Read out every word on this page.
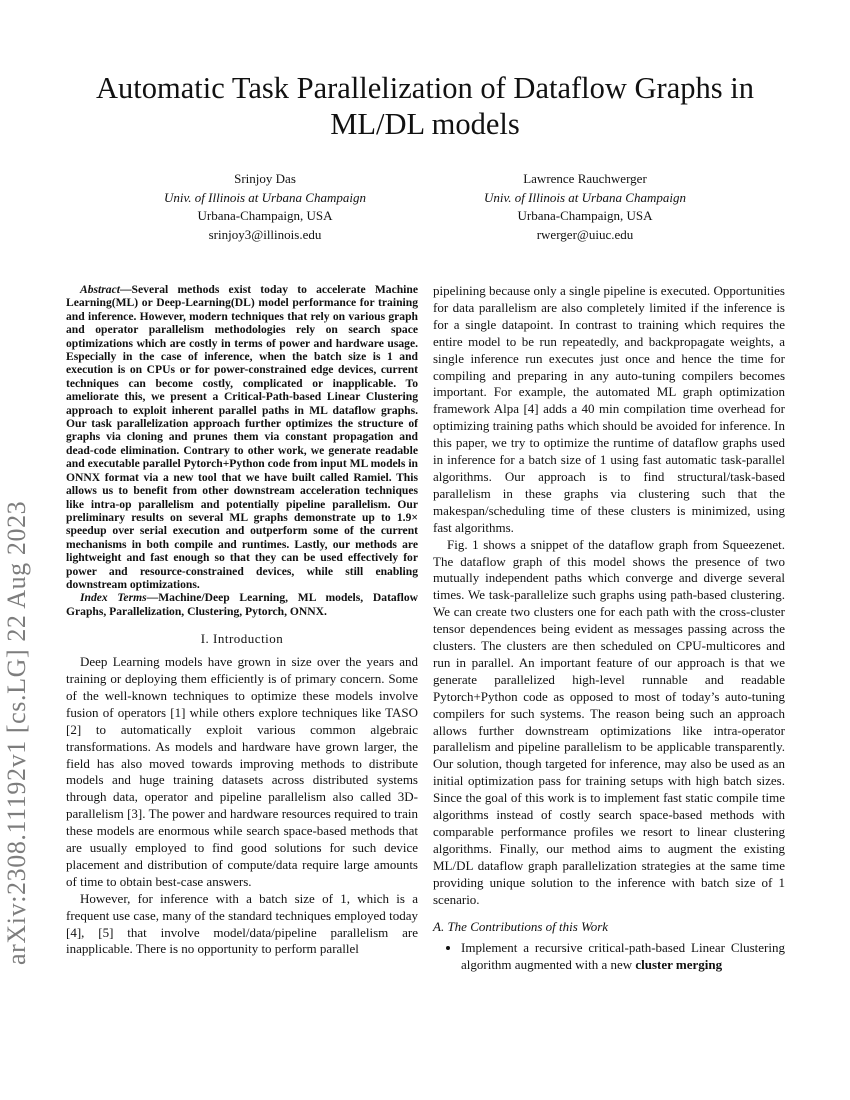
Automatic Task Parallelization of Dataflow Graphs in ML/DL models
Srinjoy Das
Univ. of Illinois at Urbana Champaign
Urbana-Champaign, USA
srinjoy3@illinois.edu
Lawrence Rauchwerger
Univ. of Illinois at Urbana Champaign
Urbana-Champaign, USA
rwerger@uiuc.edu
arXiv:2308.11192v1 [cs.LG] 22 Aug 2023

Abstract—Several methods exist today to accelerate Machine Learning(ML) or Deep-Learning(DL) model performance for training and inference. However, modern techniques that rely on various graph and operator parallelism methodologies rely on search space optimizations which are costly in terms of power and hardware usage. Especially in the case of inference, when the batch size is 1 and execution is on CPUs or for power-constrained edge devices, current techniques can become costly, complicated or inapplicable. To ameliorate this, we present a Critical-Path-based Linear Clustering approach to exploit inherent parallel paths in ML dataflow graphs. Our task parallelization approach further optimizes the structure of graphs via cloning and prunes them via constant propagation and dead-code elimination. Contrary to other work, we generate readable and executable parallel Pytorch+Python code from input ML models in ONNX format via a new tool that we have built called Ramiel. This allows us to benefit from other downstream acceleration techniques like intra-op parallelism and potentially pipeline parallelism. Our preliminary results on several ML graphs demonstrate up to 1.9× speedup over serial execution and outperform some of the current mechanisms in both compile and runtimes. Lastly, our methods are lightweight and fast enough so that they can be used effectively for power and resource-constrained devices, while still enabling downstream optimizations.

Index Terms—Machine/Deep Learning, ML models, Dataflow Graphs, Parallelization, Clustering, Pytorch, ONNX.

I. Introduction

Deep Learning models have grown in size over the years and training or deploying them efficiently is of primary concern. Some of the well-known techniques to optimize these models involve fusion of operators [1] while others explore techniques like TASO [2] to automatically exploit various common algebraic transformations. As models and hardware have grown larger, the field has also moved towards improving methods to distribute models and huge training datasets across distributed systems through data, operator and pipeline parallelism also called 3D-parallelism [3]. The power and hardware resources required to train these models are enormous while search space-based methods that are usually employed to find good solutions for such device placement and distribution of compute/data require large amounts of time to obtain best-case answers.

However, for inference with a batch size of 1, which is a frequent use case, many of the standard techniques employed today [4], [5] that involve model/data/pipeline parallelism are inapplicable. There is no opportunity to perform parallel

pipelining because only a single pipeline is executed. Opportunities for data parallelism are also completely limited if the inference is for a single datapoint. In contrast to training which requires the entire model to be run repeatedly, and backpropagate weights, a single inference run executes just once and hence the time for compiling and preparing in any auto-tuning compilers becomes important. For example, the automated ML graph optimization framework Alpa [4] adds a 40 min compilation time overhead for optimizing training paths which should be avoided for inference. In this paper, we try to optimize the runtime of dataflow graphs used in inference for a batch size of 1 using fast automatic task-parallel algorithms. Our approach is to find structural/task-based parallelism in these graphs via clustering such that the makespan/scheduling time of these clusters is minimized, using fast algorithms.

Fig. 1 shows a snippet of the dataflow graph from Squeezenet. The dataflow graph of this model shows the presence of two mutually independent paths which converge and diverge several times. We task-parallelize such graphs using path-based clustering. We can create two clusters one for each path with the cross-cluster tensor dependences being evident as messages passing across the clusters. The clusters are then scheduled on CPU-multicores and run in parallel. An important feature of our approach is that we generate parallelized high-level runnable and readable Pytorch+Python code as opposed to most of today’s auto-tuning compilers for such systems. The reason being such an approach allows further downstream optimizations like intra-operator parallelism and pipeline parallelism to be applicable transparently. Our solution, though targeted for inference, may also be used as an initial optimization pass for training setups with high batch sizes. Since the goal of this work is to implement fast static compile time algorithms instead of costly search space-based methods with comparable performance profiles we resort to linear clustering algorithms. Finally, our method aims to augment the existing ML/DL dataflow graph parallelization strategies at the same time providing unique solution to the inference with batch size of 1 scenario.

A. The Contributions of this Work
• Implement a recursive critical-path-based Linear Clustering algorithm augmented with a new cluster merging
